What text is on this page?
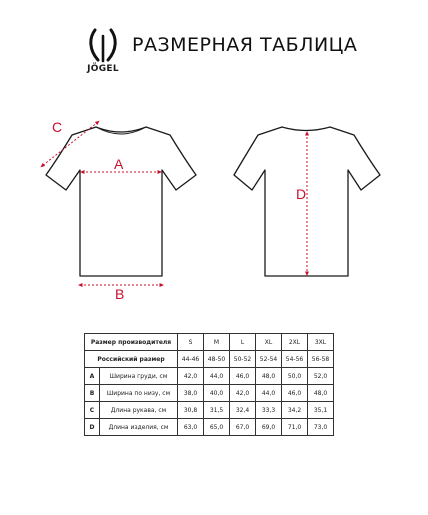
JÖGEL
РАЗМЕРНАЯ ТАБЛИЦА
A
B
C
D
Размер производителя		S	M	L	XL	2XL	3XL
Российский размер		44-46	48-50	50-52	52-54	54-56	56-58
A	Ширина груди, см	42,0	44,0	46,0	48,0	50,0	52,0
B	Ширина по низу, см	38,0	40,0	42,0	44,0	46,0	48,0
C	Длина рукава, см	30,8	31,5	32,4	33,3	34,2	35,1
D	Длина изделия, см	63,0	65,0	67,0	69,0	71,0	73,0
